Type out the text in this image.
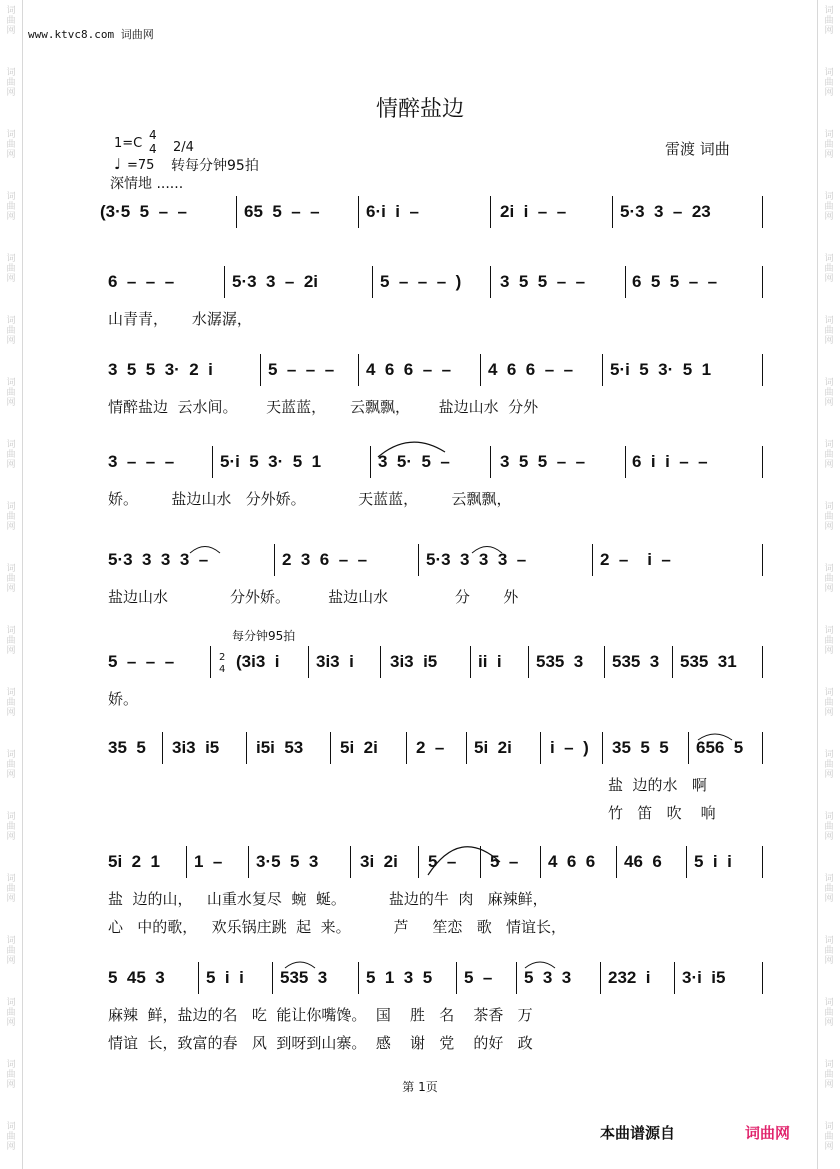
词曲网
词曲网
词曲网
词曲网
词曲网
词曲网
词曲网
词曲网
词曲网
词曲网
词曲网
词曲网
词曲网
词曲网
词曲网
词曲网
词曲网
词曲网
词曲网
词曲网
词曲网
词曲网
词曲网
词曲网
词曲网
词曲网
词曲网
词曲网
词曲网
词曲网
词曲网
词曲网
词曲网
词曲网
词曲网
词曲网
词曲网
词曲网
www.ktvc8.com 词曲网
情醉盐边
1=C
4
4 2/4
♩ =75 转每分钟95拍
深情地 ......
雷渡 词曲
每分钟95拍
2
4
(3·5  5  –  –	65  5  –  –	6·i  i  –	2i  i  –  –	5·3  3  –  23
6  –  –  –	5·3  3  –  2i	5  –  –  –  ) 3  5  5  –  –	6  5  5  –  –
山青青，     水潺潺，
3  5  5  3·  2  i	5  –  –  – 4  6  6  –  – 4  6  6  –  – 5·i  5  3·  5  1
情醉盐边  云水间。      天蓝蓝，     云飘飘，      盐边山水  分外
3  –  –  –	5·i  5  3·  5  1	3  5·  5  –	3  5  5  –  –	6  i  i  –  –
娇。       盐边山水   分外娇。           天蓝蓝，       云飘飘，
5·3  3  3  3  –	2  3  6  –  –	5·3  3  3  3  –	2  –    i  –
盐边山水             分外娇。        盐边山水              分       外
5  –  –  –	(3i3  i 3i3  i 3i3  i5 ii  i 535  3 535  3 535  31
娇。
35  5 3i3  i5 i5i  53 5i  2i 2  – 5i  2i i  –  ) 35  5  5 656  5
盐  边的水   啊
竹   笛   吹    响
5i  2  1 1  – 3·5  5  3 3i  2i 5  – 5  – 4  6  6 46  6 5  i  i
盐  边的山，   山重水复尽  蜿  蜒。         盐边的牛  肉   麻辣鲜，
心   中的歌，   欢乐锅庄跳  起  来。         芦     笙恋   歌   情谊长，
5  45  3 5  i  i 535  3 5  1  3  5 5  – 5  3  3 232  i 3·i  i5
麻辣  鲜，盐边的名   吃  能让你嘴馋。  国    胜   名    茶香   万
情谊  长，致富的春   风  到呀到山寨。  感    谢   党    的好   政
第 1页
本曲谱源自	词曲网
